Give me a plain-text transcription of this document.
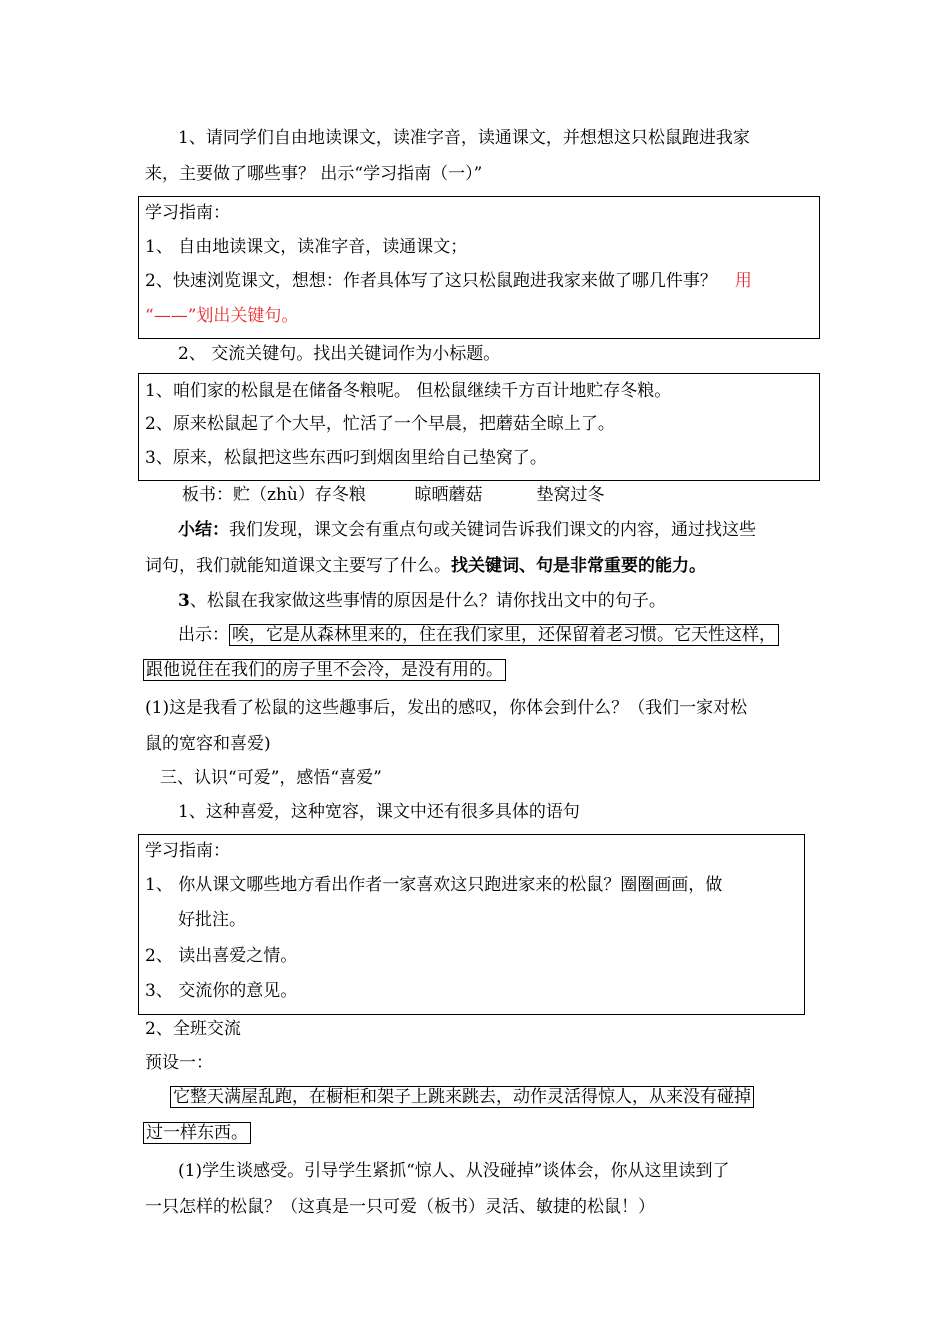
1、请同学们自由地读课文，读准字音，读通课文，并想想这只松鼠跑进我家
来，主要做了哪些事？ 出示“学习指南（一）”
学习指南：
1、 自由地读课文，读准字音，读通课文；
2、快速浏览课文，想想：作者具体写了这只松鼠跑进我家来做了哪几件事？ 用
“——”划出关键句。
2、 交流关键句。找出关键词作为小标题。
1、咱们家的松鼠是在储备冬粮呢。 但松鼠继续千方百计地贮存冬粮。
2、原来松鼠起了个大早，忙活了一个早晨，把蘑菇全晾上了。
3、原来，松鼠把这些东西叼到烟囱里给自己垫窝了。
板书：贮（zhù）存冬粮         晾晒蘑菇          垫窝过冬
小结：我们发现，课文会有重点句或关键词告诉我们课文的内容，通过找这些
词句，我们就能知道课文主要写了什么。找关键词、句是非常重要的能力。
3、松鼠在我家做这些事情的原因是什么？请你找出文中的句子。
出示： 唉，它是从森林里来的，住在我们家里，还保留着老习惯。它天性这样，
跟他说住在我们的房子里不会冷，是没有用的。
(1)这是我看了松鼠的这些趣事后，发出的感叹，你体会到什么？（我们一家对松
鼠的宽容和喜爱)
三、认识“可爱”，感悟“喜爱”
1、这种喜爱，这种宽容，课文中还有很多具体的语句
学习指南：
1、 你从课文哪些地方看出作者一家喜欢这只跑进家来的松鼠？圈圈画画，做
好批注。
2、 读出喜爱之情。
3、 交流你的意见。
2、全班交流
预设一：
它整天满屋乱跑，在橱柜和架子上跳来跳去，动作灵活得惊人，从来没有碰掉
过一样东西。
(1)学生谈感受。引导学生紧抓“惊人、从没碰掉”谈体会，你从这里读到了
一只怎样的松鼠？（这真是一只可爱（板书）灵活、敏捷的松鼠！）
